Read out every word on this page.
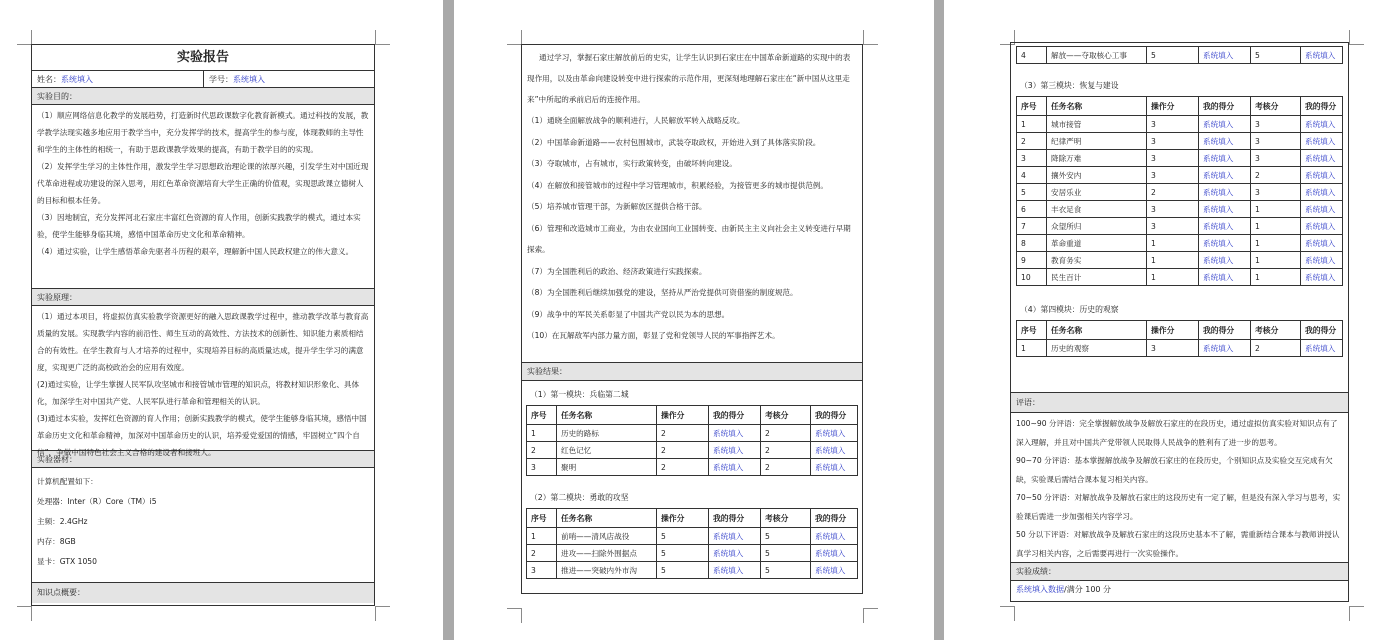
实验报告
姓名：系统填入	学号：系统填入
实验目的：

（1）顺应网络信息化教学的发展趋势，打造新时代思政课数字化教育新模式。通过科技的发展，教学教学法现实越多地应用于教学当中，充分发挥学的技术，提高学生的参与度，体现教师的主导性和学生的主体性的相统一，有助于思政课教学效果的提高，有助于教学目的的实现。

（2）发挥学生学习的主体性作用，激发学生学习思想政治理论课的浓厚兴趣，引发学生对中国近现代革命进程或功建设的深入思考，用红色革命资源培育大学生正确的价值观，实现思政课立德树人的目标和根本任务。

（3）因地制宜，充分发挥河北石家庄丰富红色资源的育人作用，创新实践教学的模式，通过本实验，使学生能够身临其境，感悟中国革命历史文化和革命精神。

（4）通过实验，让学生感悟革命先驱者斗历程的艰辛，理解新中国人民政权建立的伟大意义。

实验原理：

（1）通过本项目，将虚拟仿真实验教学资源更好的融入思政课教学过程中，推动教学改革与教育高质量的发展。实现教学内容的前沿性、师生互动的高效性、方法技术的创新性、知识能力素质相结合的有效性。在学生教育与人才培养的过程中，实现培养目标的高质量达成，提升学生学习的满意度，实现更广泛的高校政治会的应用有效度。

(2)通过实验，让学生掌握人民军队攻坚城市和接管城市管理的知识点，将教材知识形象化、具体化，加深学生对中国共产党、人民军队进行革命和管理相关的认识。

(3)通过本实验，发挥红色资源的育人作用；创新实践教学的模式，使学生能够身临其境，感悟中国革命历史文化和革命精神，加深对中国革命历史的认识，培养爱党爱国的情感，牢固树立“四个自信”，争做中国特色社会主义合格的建设者和接班人。

实验器材：

计算机配置如下：

处理器：Inter（R）Core（TM）i5

主频：2.4GHz

内存：8GB

显卡：GTX 1050

知识点概要：

通过学习，掌握石家庄解放前后的史实，让学生认识到石家庄在中国革命新道路的实现中的表现作用，以及由革命向建设转变中进行探索的示范作用，更深刻地理解石家庄在“新中国从这里走来”中所起的承前启后的连接作用。

（1）通晓全面解放战争的顺利进行，人民解放军转入战略反攻。

（2）中国革命新道路——农村包围城市，武装夺取政权，开始进入到了具体落实阶段。

（3）夺取城市，占有城市，实行政策转变，由破坏转向建设。

（4）在解放和接管城市的过程中学习管理城市，积累经验，为接管更多的城市提供范例。

（5）培养城市管理干部，为新解放区提供合格干部。

（6）管理和改造城市工商业，为由农业国向工业国转变、由新民主主义向社会主义转变进行早期探索。

（7）为全国胜利后的政治、经济政策进行实践探索。

（8）为全国胜利后继续加强党的建设，坚持从严治党提供可资借鉴的制度规范。

（9）战争中的军民关系彰显了中国共产党以民为本的思想。

（10）在瓦解敌军内部力量方面，彰显了党和党领导人民的军事指挥艺术。

实验结果：
（1）第一模块：兵临第二城
序号	任务名称	操作分	我的得分	考核分	我的得分
1	历史的路标	2	系统填入	2	系统填入
2	红色记忆	2	系统填入	2	系统填入
3	聚明	2	系统填入	2	系统填入
（2）第二模块：勇敢的攻坚
序号	任务名称	操作分	我的得分	考核分	我的得分
1	前哨——清风店战役	5	系统填入	5	系统填入
2	进攻——扫除外围据点	5	系统填入	5	系统填入
3	推进——突破内外市沟	5	系统填入	5	系统填入
4	解放——夺取核心工事	5	系统填入	5	系统填入
（3）第三模块：恢复与建设
序号	任务名称	操作分	我的得分	考核分	我的得分
1	城市接管	3	系统填入	3	系统填入
2	纪律严明	3	系统填入	3	系统填入
3	降除万难	3	系统填入	3	系统填入
4	攘外安内	3	系统填入	2	系统填入
5	安居乐业	2	系统填入	3	系统填入
6	丰衣足食	3	系统填入	1	系统填入
7	众望所归	3	系统填入	1	系统填入
8	革命重道	1	系统填入	1	系统填入
9	教育务实	1	系统填入	1	系统填入
10	民生百计	1	系统填入	1	系统填入
（4）第四模块：历史的观察
序号	任务名称	操作分	我的得分	考核分	我的得分
1	历史的观察	3	系统填入	2	系统填入
评语：

100~90 分评语：完全掌握解放战争及解放石家庄的在段历史，通过虚拟仿真实验对知识点有了深入理解，并且对中国共产党带领人民取得人民战争的胜利有了进一步的思考。

90~70 分评语：基本掌握解放战争及解放石家庄的在段历史，个别知识点及实验交互完成有欠缺，实验课后需结合课本复习相关内容。

70~50 分评语：对解放战争及解放石家庄的这段历史有一定了解，但是没有深入学习与思考，实验课后需进一步加强相关内容学习。

50 分以下评语：对解放战争及解放石家庄的这段历史基本不了解，需重新结合课本与教师讲授认真学习相关内容，之后需要再进行一次实验操作。

实验成绩：
系统填入数据/满分 100 分
